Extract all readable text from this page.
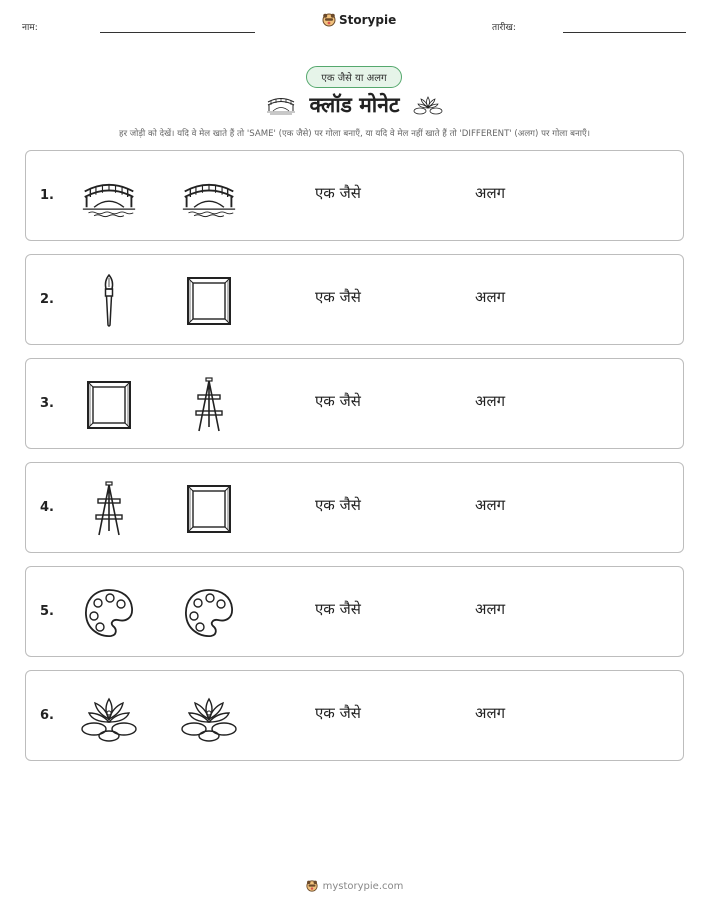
नाम:
Storypie
तारीख:
एक जैसे या अलग
क्लॉड मोनेट
हर जोड़ी को देखें। यदि वे मेल खाते हैं तो 'SAME' (एक जैसे) पर गोला बनाएँ, या यदि वे मेल नहीं खाते हैं तो 'DIFFERENT' (अलग) पर गोला बनाएँ।
1.	एक जैसे	अलग
2.	एक जैसे	अलग
3.	एक जैसे	अलग
4.	एक जैसे	अलग
5.	एक जैसे	अलग
6.	एक जैसे	अलग
mystorypie.com
